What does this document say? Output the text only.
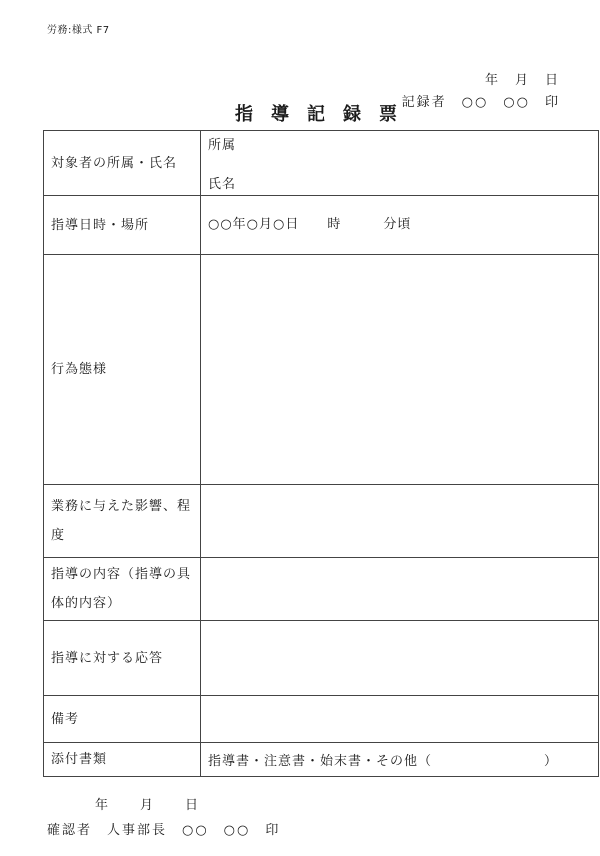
労務:様式 F7
年　月　日
記録者　○○　○○　印
指　導　記　録　票
対象者の所属・氏名	所属
氏名

指導日時・場所	○○年○月○日　　時　　　分頃
行為態様	
業務に与えた影響、程度	
指導の内容（指導の具体的内容）	
指導に対する応答	
備考	
添付書類	指導書・注意書・始末書・その他（　　　　　　　　）
年　　月　　日
確認者　人事部長　○○　○○　印
